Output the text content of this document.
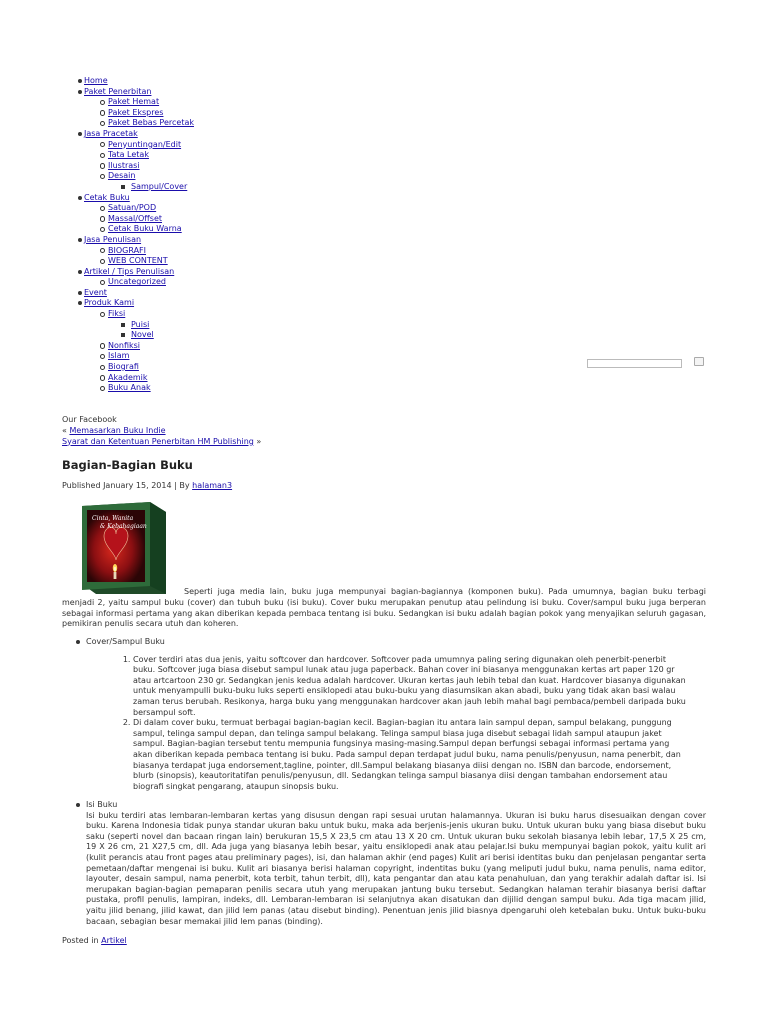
Home
Paket Penerbitan
Paket Hemat
Paket Ekspres
Paket Bebas Percetak
Jasa Pracetak
Penyuntingan/Edit
Tata Letak
Ilustrasi
Desain
Sampul/Cover
Cetak Buku
Satuan/POD
Massal/Offset
Cetak Buku Warna
Jasa Penulisan
BIOGRAFI
WEB CONTENT
Artikel / Tips Penulisan
Uncategorized
Event
Produk Kami
Fiksi
Puisi
Novel
Nonfiksi
Islam
Biografi
Akademik
Buku Anak
Our Facebook
« Memasarkan Buku Indie
Syarat dan Ketentuan Penerbitan HM Publishing »
Bagian-Bagian Buku
Published January 15, 2014 | By halaman3
Cinta, Wanita
& Kebahagiaan

Seperti juga media lain, buku juga mempunyai bagian-bagiannya (komponen buku). Pada umumnya, bagian buku terbagi menjadi 2, yaitu sampul buku (cover) dan tubuh buku (isi buku). Cover buku merupakan penutup atau pelindung isi buku. Cover/sampul buku juga berperan sebagai informasi pertama yang akan diberikan kepada pembaca tentang isi buku. Sedangkan isi buku adalah bagian pokok yang menyajikan seluruh gagasan, pemikiran penulis secara utuh dan koheren.

Cover/Sampul Buku
1. Cover terdiri atas dua jenis, yaitu softcover dan hardcover. Softcover pada umumnya paling sering digunakan oleh penerbit-penerbit buku. Softcover juga biasa disebut sampul lunak atau juga paperback. Bahan cover ini biasanya menggunakan kertas art paper 120 gr atau artcartoon 230 gr. Sedangkan jenis kedua adalah hardcover. Ukuran kertas jauh lebih tebal dan kuat. Hardcover biasanya digunakan untuk menyampulli buku-buku luks seperti ensiklopedi atau buku-buku yang diasumsikan akan abadi, buku yang tidak akan basi walau zaman terus berubah. Resikonya, harga buku yang menggunakan hardcover akan jauh lebih mahal bagi pembaca/pembeli daripada buku bersampul soft.
2. Di dalam cover buku, termuat berbagai bagian-bagian kecil. Bagian-bagian itu antara lain sampul depan, sampul belakang, punggung sampul, telinga sampul depan, dan telinga sampul belakang. Telinga sampul biasa juga disebut sebagai lidah sampul ataupun jaket sampul. Bagian-bagian tersebut tentu mempunia fungsinya masing-masing.Sampul depan berfungsi sebagai informasi pertama yang akan diberikan kepada pembaca tentang isi buku. Pada sampul depan terdapat judul buku, nama penulis/penyusun, nama penerbit, dan biasanya terdapat juga endorsement,tagline, pointer, dll.Sampul belakang biasanya diisi dengan no. ISBN dan barcode, endorsement, blurb (sinopsis), keautoritatifan penulis/penyusun, dll. Sedangkan telinga sampul biasanya diisi dengan tambahan endorsement atau biografi singkat pengarang, ataupun sinopsis buku.
Isi Buku

Isi buku terdiri atas lembaran-lembaran kertas yang disusun dengan rapi sesuai urutan halamannya. Ukuran isi buku harus disesuaikan dengan cover buku. Karena Indonesia tidak punya standar ukuran baku untuk buku, maka ada berjenis-jenis ukuran buku. Untuk ukuran buku yang biasa disebut buku saku (seperti novel dan bacaan ringan lain) berukuran 15,5 X 23,5 cm atau 13 X 20 cm. Untuk ukuran buku sekolah biasanya lebih lebar, 17,5 X 25 cm, 19 X 26 cm, 21 X27,5 cm, dll. Ada juga yang biasanya lebih besar, yaitu ensiklopedi anak atau pelajar.Isi buku mempunyai bagian pokok, yaitu kulit ari (kulit perancis atau front pages atau preliminary pages), isi, dan halaman akhir (end pages) Kulit ari berisi identitas buku dan penjelasan pengantar serta pemetaan/daftar mengenai isi buku. Kulit ari biasanya berisi halaman copyright, indentitas buku (yang meliputi judul buku, nama penulis, nama editor, layouter, desain sampul, nama penerbit, kota terbit, tahun terbit, dll), kata pengantar dan atau kata penahuluan, dan yang terakhir adalah daftar isi. Isi merupakan bagian-bagian pemaparan penilis secara utuh yang merupakan jantung buku tersebut. Sedangkan halaman terahir biasanya berisi daftar pustaka, profil penulis, lampiran, indeks, dll. Lembaran-lembaran isi selanjutnya akan disatukan dan dijilid dengan sampul buku. Ada tiga macam jilid, yaitu jilid benang, jilid kawat, dan jilid lem panas (atau disebut binding). Penentuan jenis jilid biasnya dpengaruhi oleh ketebalan buku. Untuk buku-buku bacaan, sebagian besar memakai jilid lem panas (binding).

Posted in Artikel
